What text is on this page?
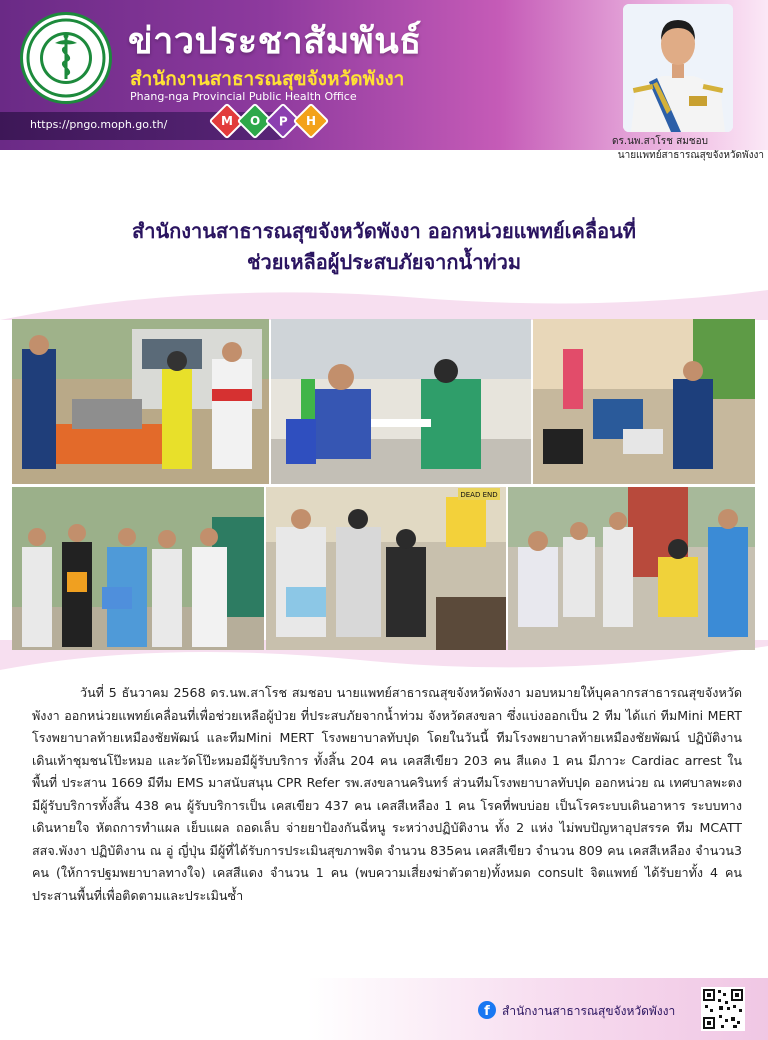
ข่าวประชาสัมพันธ์
สำนักงานสาธารณสุขจังหวัดพังงา
Phang-nga Provincial Public Health Office
https://pngo.moph.go.th/	M O P H
ดร.นพ.สาโรช สมชอบ
นายแพทย์สาธารณสุขจังหวัดพังงา
สำนักงานสาธารณสุขจังหวัดพังงา ออกหน่วยแพทย์เคลื่อนที่
ช่วยเหลือผู้ประสบภัยจากน้ำท่วม
DEAD END
วันที่ 5 ธันวาคม 2568 ดร.นพ.สาโรช สมชอบ นายแพทย์สาธารณสุขจังหวัดพังงา มอบหมายให้บุคลากรสาธารณสุขจังหวัดพังงา ออกหน่วยแพทย์เคลื่อนที่เพื่อช่วยเหลือผู้ป่วย ที่ประสบภัยจากน้ำท่วม จังหวัดสงขลา ซึ่งแบ่งออกเป็น 2 ทีม ได้แก่ ทีมMini MERT โรงพยาบาลท้ายเหมืองชัยพัฒน์ และทีมMini MERT โรงพยาบาลทับปุด โดยในวันนี้ ทีมโรงพยาบาลท้ายเหมืองชัยพัฒน์ ปฏิบัติงาน เดินเท้าชุมชนโป๊ะหมอ และวัดโป๊ะหมอมีผู้รับบริการ ทั้งสิ้น 204 คน เคสสีเขียว 203 คน สีแดง 1 คน มีภาวะ Cardiac arrest ในพื้นที่ ประสาน 1669 มีทีม EMS มาสนับสนุน CPR Refer รพ.สงขลานครินทร์ ส่วนทีมโรงพยาบาลทับปุด ออกหน่วย ณ เทศบาลพะตง มีผู้รับบริการทั้งสิ้น 438 คน ผู้รับบริการเป็น เคสเขียว 437 คน เคสสีเหลือง 1 คน โรคที่พบบ่อย เป็นโรคระบบเดินอาหาร ระบบทางเดินหายใจ หัตถการทำแผล เย็บแผล ถอดเล็บ จ่ายยาป้องกันฉี่หนู ระหว่างปฏิบัติงาน ทั้ง 2 แห่ง ไม่พบปัญหาอุปสรรค ทีม MCATT สสจ.พังงา ปฏิบัติงาน ณ อู่ ญี่ปุ่น มีผู้ที่ได้รับการประเมินสุขภาพจิต จำนวน 835คน เคสสีเขียว จำนวน 809 คน เคสสีเหลือง จำนวน3 คน (ให้การปฐมพยาบาลทางใจ) เคสสีแดง จำนวน 1 คน (พบความเสี่ยงฆ่าตัวตาย)ทั้งหมด consult จิตแพทย์ ได้รับยาทั้ง 4 คน ประสานพื้นที่เพื่อติดตามและประเมินซ้ำ
f	สำนักงานสาธารณสุขจังหวัดพังงา
